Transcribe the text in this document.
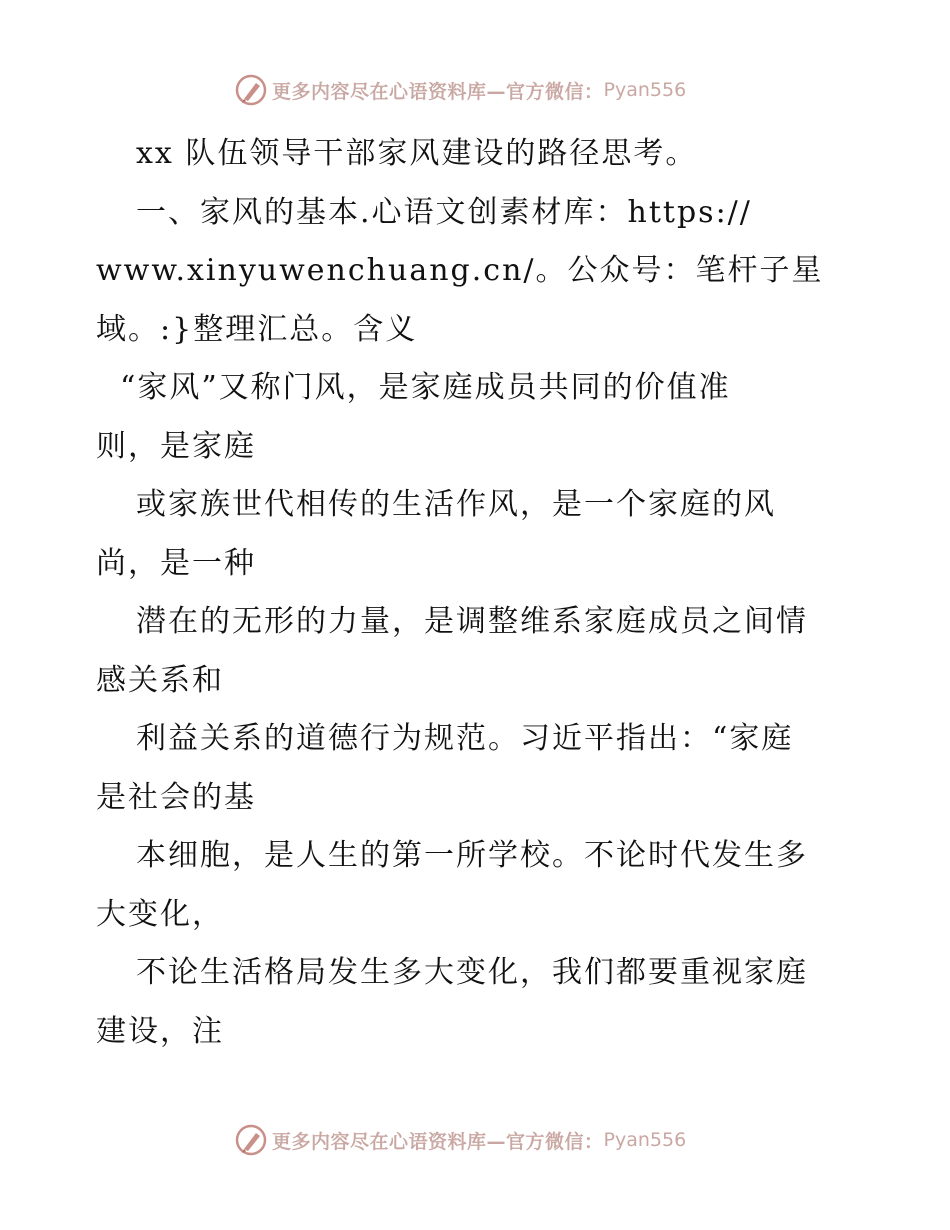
更多内容尽在心语资料库—官方微信： Pyan556
xx 队伍领导干部家风建设的路径思考。
一、家风的基本.心语文创素材库：https://
www.xinyuwenchuang.cn/。公众号：笔杆子星
域。:}整理汇总。含义
“家风”又称门风，是家庭成员共同的价值准
则，是家庭
或家族世代相传的生活作风，是一个家庭的风
尚，是一种
潜在的无形的力量，是调整维系家庭成员之间情
感关系和
利益关系的道德行为规范。习近平指出：“家庭
是社会的基
本细胞，是人生的第一所学校。不论时代发生多
大变化，
不论生活格局发生多大变化，我们都要重视家庭
建设，注
更多内容尽在心语资料库—官方微信： Pyan556
